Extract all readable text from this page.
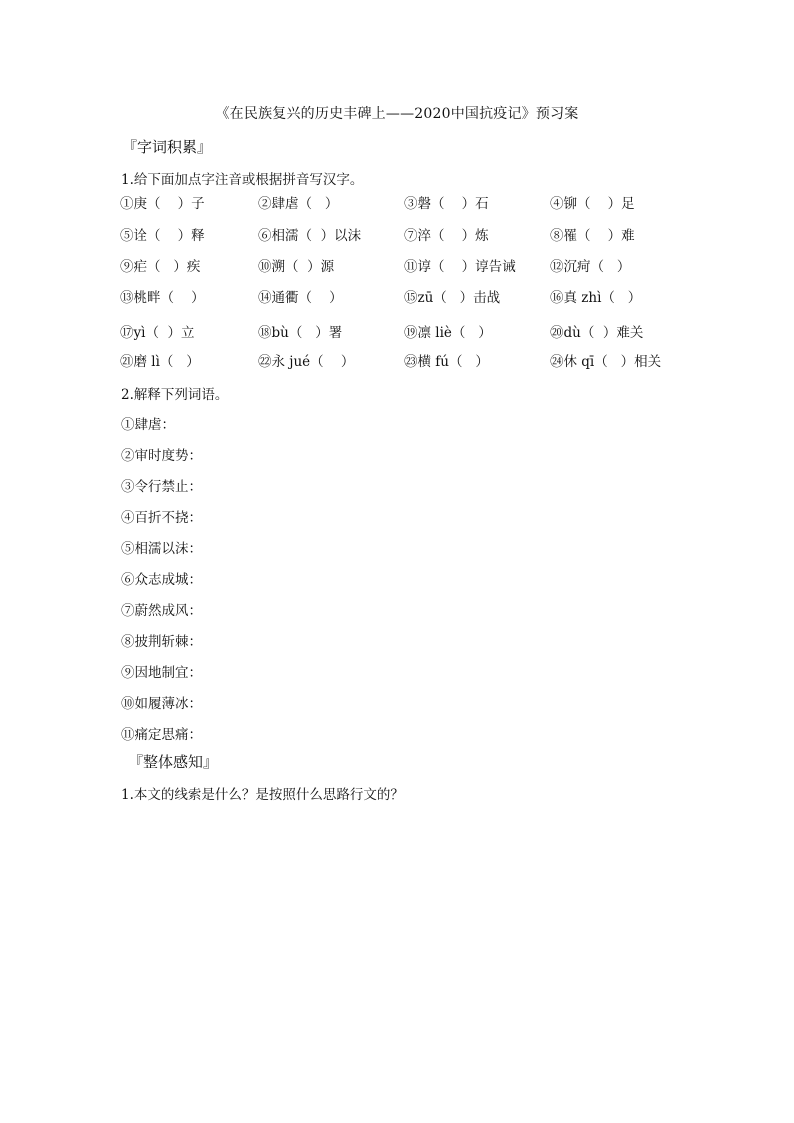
《在民族复兴的历史丰碑上——2020中国抗疫记》预习案
『字词积累』
1.给下面加点字注音或根据拼音写汉字。
①庚（    ）子	②肆虐（   ）	③磐（    ）石	④铆（    ）足
⑤诠（    ）释	⑥相濡（  ）以沫	⑦淬（    ）炼	⑧罹（    ）难
⑨疟（   ）疾	⑩溯（  ）源	⑪谆（    ）谆告诫	⑫沉疴（   ）
⑬桃畔（    ）	⑭通衢（    ）	⑮zū（   ）击战	⑯真 zhì（   ）
⑰yì（  ）立	⑱bù（   ）署	⑲凛 liè（   ）	⑳dù（  ）难关
㉑磨 lì（   ）	㉒永 jué（    ）	㉓横 fú（   ）	㉔休 qī（   ）相关
2.解释下列词语。
①肆虐：
②审时度势：
③令行禁止：
④百折不挠：
⑤相濡以沫：
⑥众志成城：
⑦蔚然成风：
⑧披荆斩棘：
⑨因地制宜：
⑩如履薄冰：
⑪痛定思痛：
『整体感知』
1.本文的线索是什么？是按照什么思路行文的？
